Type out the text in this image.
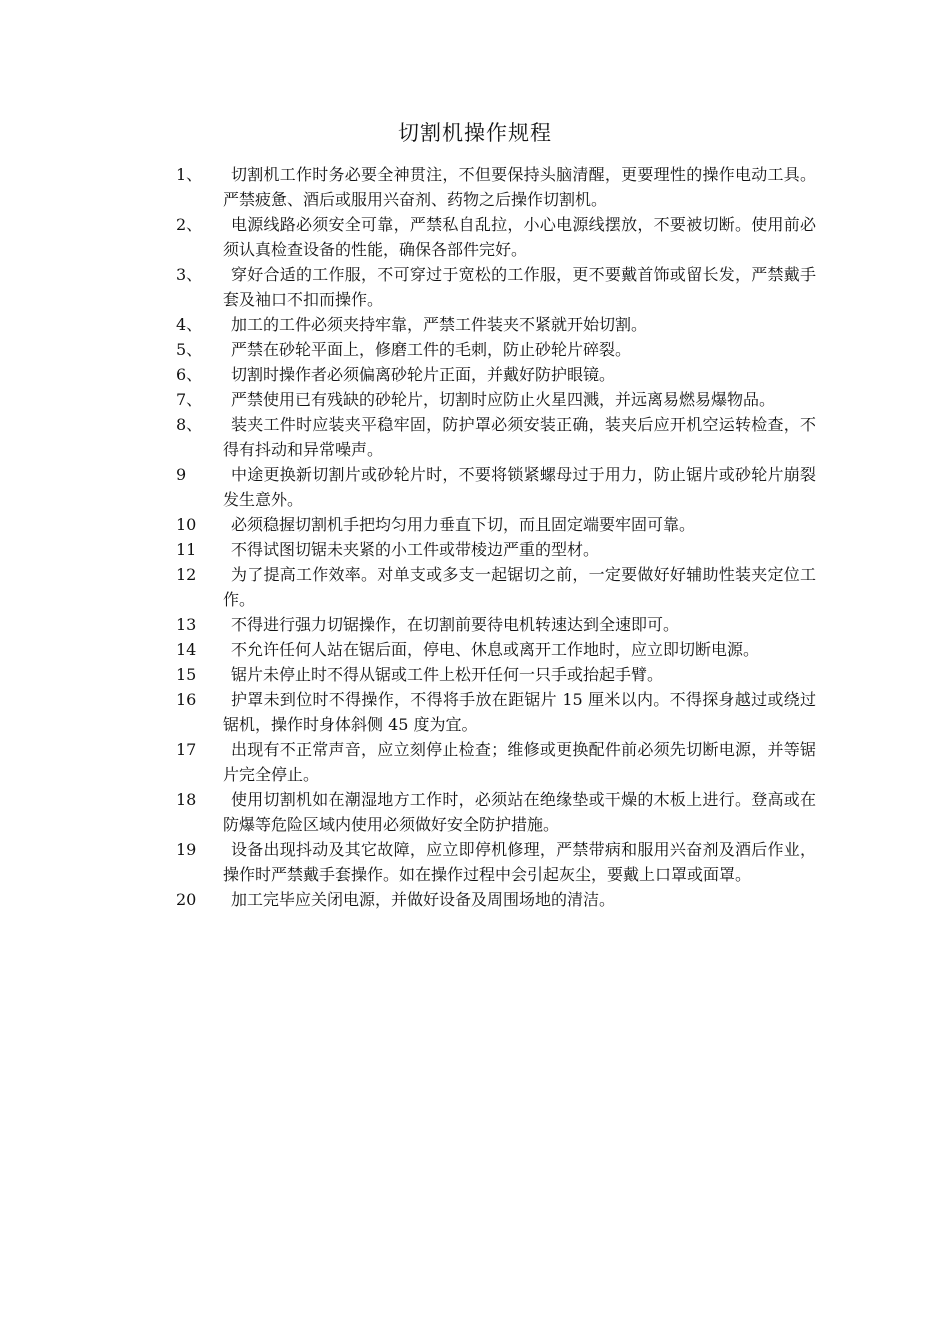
切割机操作规程
1、	切割机工作时务必要全神贯注，不但要保持头脑清醒，更要理性的操作电动工具。严禁疲惫、酒后或服用兴奋剂、药物之后操作切割机。
2、	电源线路必须安全可靠，严禁私自乱拉，小心电源线摆放，不要被切断。使用前必须认真检查设备的性能，确保各部件完好。
3、	穿好合适的工作服，不可穿过于宽松的工作服，更不要戴首饰或留长发，严禁戴手套及袖口不扣而操作。
4、	加工的工件必须夹持牢靠，严禁工件装夹不紧就开始切割。
5、	严禁在砂轮平面上，修磨工件的毛刺，防止砂轮片碎裂。
6、	切割时操作者必须偏离砂轮片正面，并戴好防护眼镜。
7、	严禁使用已有残缺的砂轮片，切割时应防止火星四溅，并远离易燃易爆物品。
8、	装夹工件时应装夹平稳牢固，防护罩必须安装正确，装夹后应开机空运转检查，不得有抖动和异常噪声。
9	中途更换新切割片或砂轮片时，不要将锁紧螺母过于用力，防止锯片或砂轮片崩裂发生意外。
10	必须稳握切割机手把均匀用力垂直下切，而且固定端要牢固可靠。
11	不得试图切锯未夹紧的小工件或带棱边严重的型材。
12	为了提高工作效率。对单支或多支一起锯切之前，一定要做好好辅助性装夹定位工作。
13	不得进行强力切锯操作，在切割前要待电机转速达到全速即可。
14	不允许任何人站在锯后面，停电、休息或离开工作地时，应立即切断电源。
15	锯片未停止时不得从锯或工件上松开任何一只手或抬起手臂。
16	护罩未到位时不得操作，不得将手放在距锯片 15 厘米以内。不得探身越过或绕过锯机，操作时身体斜侧 45 度为宜。
17	出现有不正常声音，应立刻停止检查；维修或更换配件前必须先切断电源，并等锯片完全停止。
18	使用切割机如在潮湿地方工作时，必须站在绝缘垫或干燥的木板上进行。登高或在防爆等危险区域内使用必须做好安全防护措施。
19	设备出现抖动及其它故障，应立即停机修理，严禁带病和服用兴奋剂及酒后作业， 操作时严禁戴手套操作。如在操作过程中会引起灰尘，要戴上口罩或面罩。
20	加工完毕应关闭电源，并做好设备及周围场地的清洁。
